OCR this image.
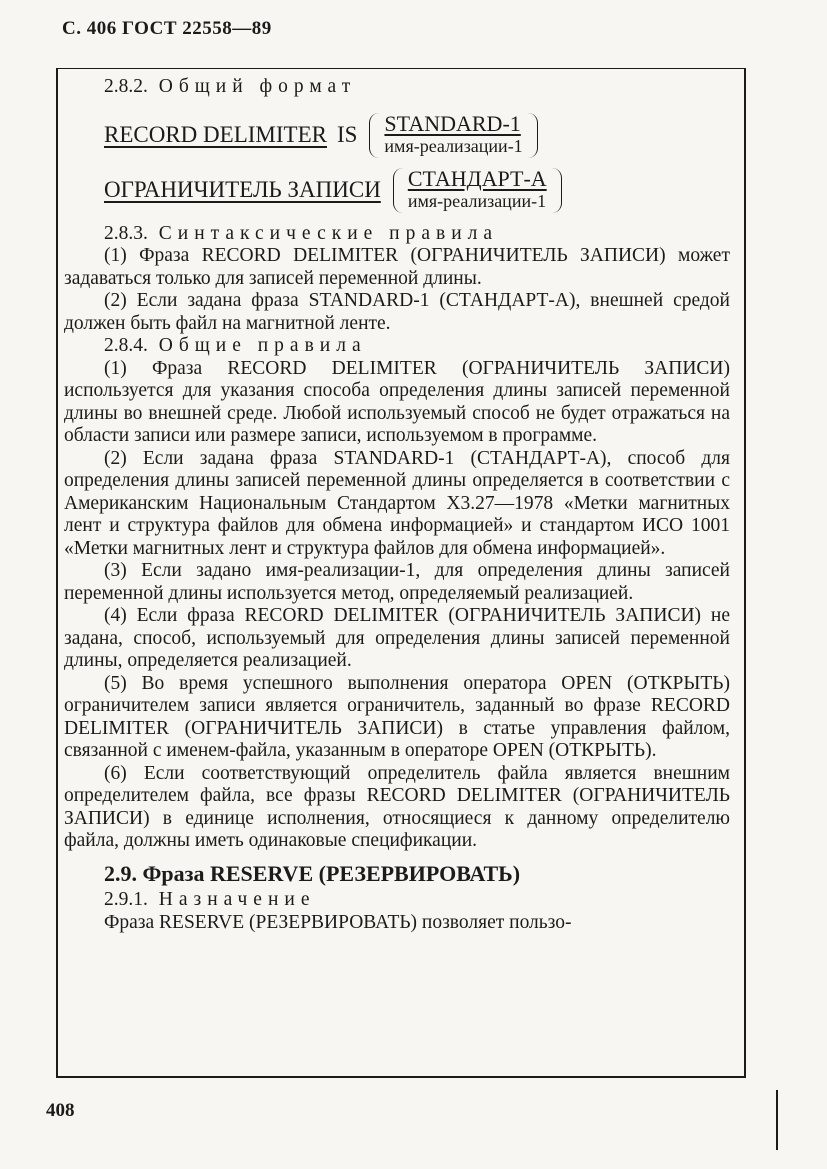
С. 406 ГОСТ 22558—89

2.8.2. Общий формат

RECORD DELIMITER IS STANDARD-1
имя-реализации-1
ОГРАНИЧИТЕЛЬ ЗАПИСИ СТАНДАРТ-А
имя-реализации-1

2.8.3. Синтаксические правила

(1) Фраза RECORD DELIMITER (ОГРАНИЧИТЕЛЬ ЗАПИСИ) может задаваться только для записей переменной длины.

(2) Если задана фраза STANDARD-1 (СТАНДАРТ-А), внешней средой должен быть файл на магнитной ленте.

2.8.4. Общие правила

(1) Фраза RECORD DELIMITER (ОГРАНИЧИТЕЛЬ ЗАПИСИ) используется для указания способа определения длины записей переменной длины во внешней среде. Любой используемый способ не будет отражаться на области записи или размере записи, используемом в программе.

(2) Если задана фраза STANDARD-1 (СТАНДАРТ-А), способ для определения длины записей переменной длины определяется в соответствии с Американским Национальным Стандартом X3.27—1978 «Метки магнитных лент и структура файлов для обмена информацией» и стандартом ИСО 1001 «Метки магнитных лент и структура файлов для обмена информацией».

(3) Если задано имя-реализации-1, для определения длины записей переменной длины используется метод, определяемый реализацией.

(4) Если фраза RECORD DELIMITER (ОГРАНИЧИТЕЛЬ ЗАПИСИ) не задана, способ, используемый для определения длины записей переменной длины, определяется реализацией.

(5) Во время успешного выполнения оператора OPEN (ОТКРЫТЬ) ограничителем записи является ограничитель, заданный во фразе RECORD DELIMITER (ОГРАНИЧИТЕЛЬ ЗАПИСИ) в статье управления файлом, связанной с именем-файла, указанным в операторе OPEN (ОТКРЫТЬ).

(6) Если соответствующий определитель файла является внешним определителем файла, все фразы RECORD DELIMITER (ОГРАНИЧИТЕЛЬ ЗАПИСИ) в единице исполнения, относящиеся к данному определителю файла, должны иметь одинаковые спецификации.

2.9. Фраза RESERVE (РЕЗЕРВИРОВАТЬ)

2.9.1. Назначение

Фраза RESERVE (РЕЗЕРВИРОВАТЬ) позволяет пользо-

408
